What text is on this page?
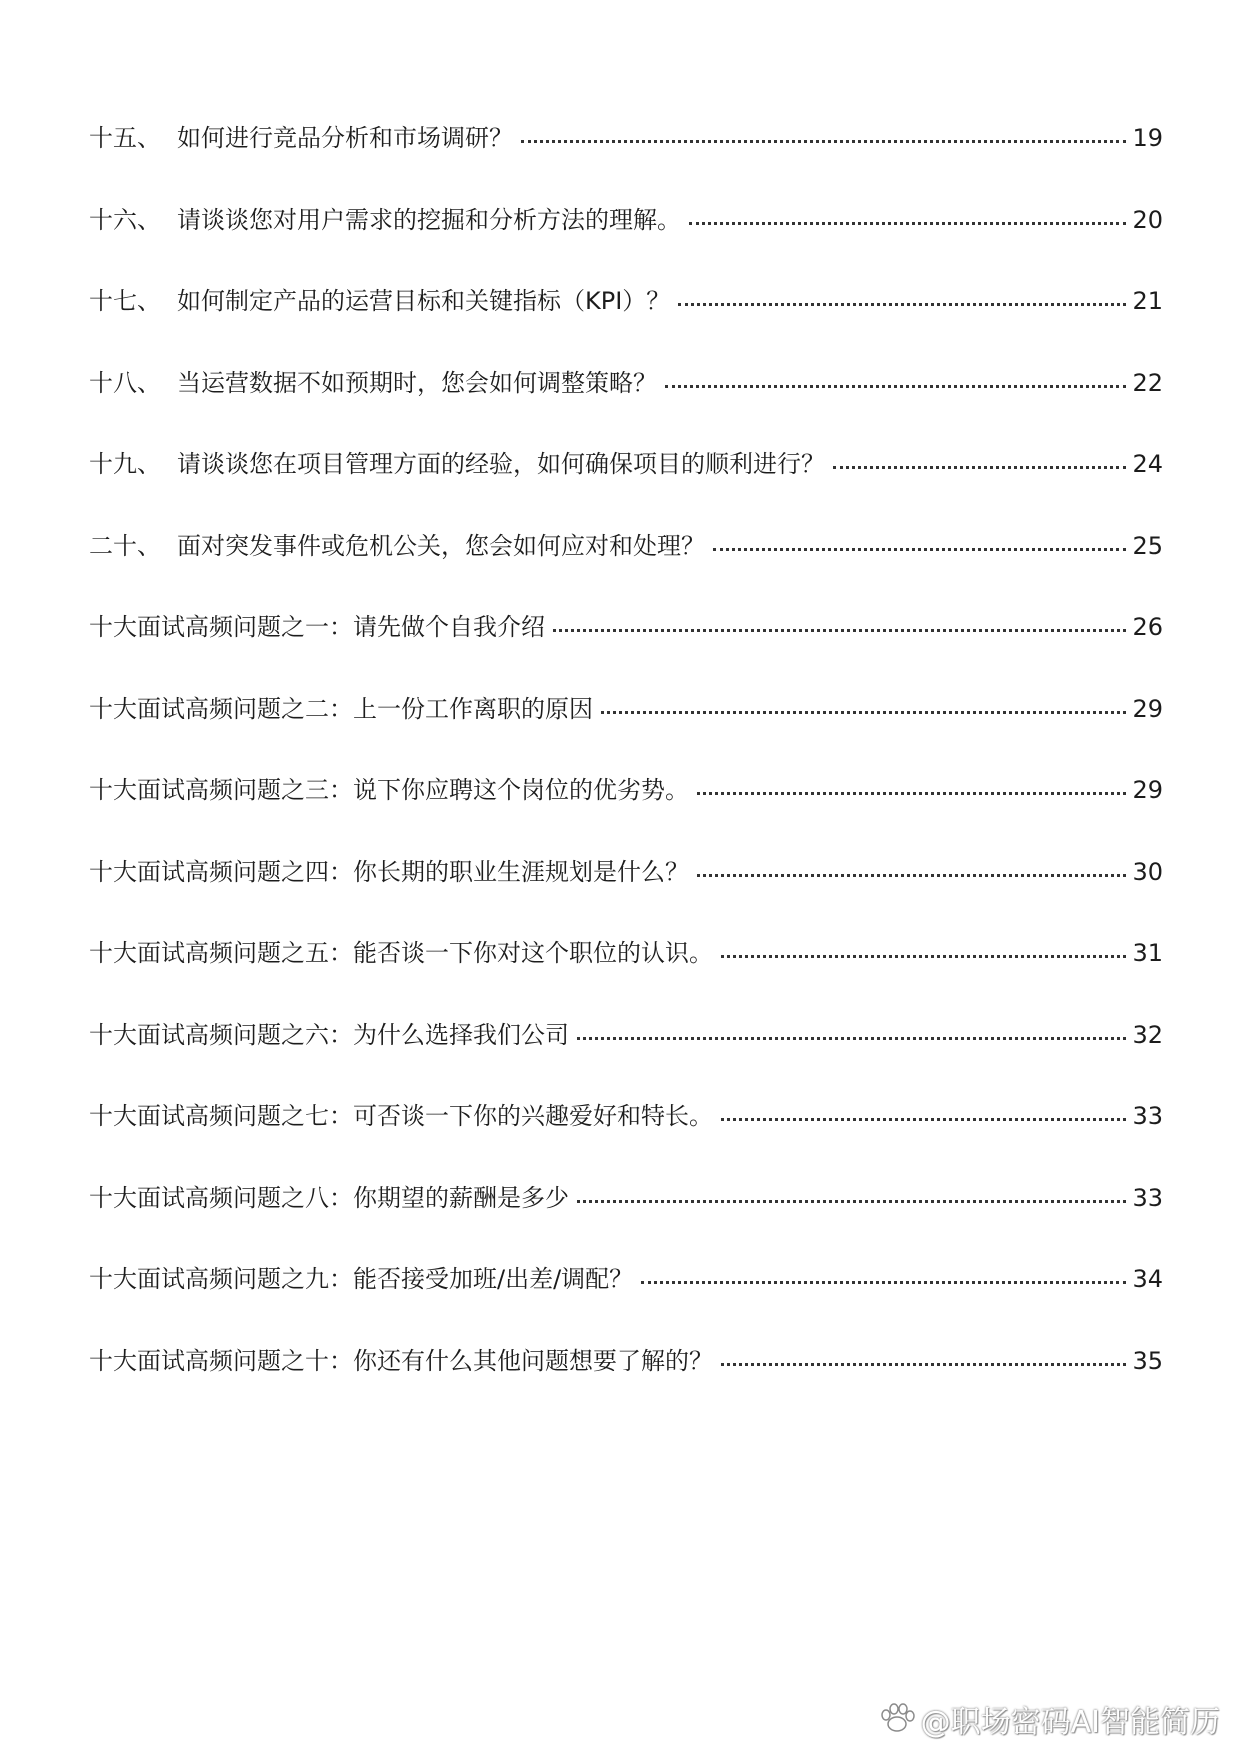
十五、 如何进行竞品分析和市场调研？	19
十六、 请谈谈您对用户需求的挖掘和分析方法的理解。	20
十七、 如何制定产品的运营目标和关键指标（KPI）？	21
十八、 当运营数据不如预期时，您会如何调整策略？	22
十九、 请谈谈您在项目管理方面的经验，如何确保项目的顺利进行？	24
二十、 面对突发事件或危机公关，您会如何应对和处理？	25
十大面试高频问题之一：请先做个自我介绍	26
十大面试高频问题之二：上一份工作离职的原因	29
十大面试高频问题之三：说下你应聘这个岗位的优劣势。	29
十大面试高频问题之四：你长期的职业生涯规划是什么？	30
十大面试高频问题之五：能否谈一下你对这个职位的认识。	31
十大面试高频问题之六：为什么选择我们公司	32
十大面试高频问题之七：可否谈一下你的兴趣爱好和特长。	33
十大面试高频问题之八：你期望的薪酬是多少	33
十大面试高频问题之九：能否接受加班/出差/调配？	34
十大面试高频问题之十：你还有什么其他问题想要了解的？	35
@职场密码AI智能简历
